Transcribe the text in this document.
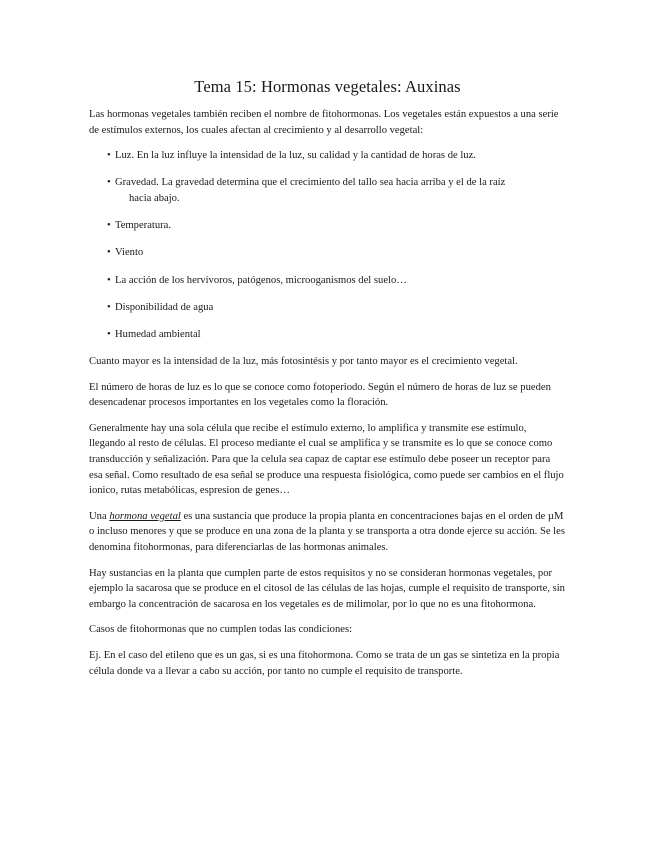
Tema 15: Hormonas vegetales: Auxinas

Las hormonas vegetales también reciben el nombre de fitohormonas. Los vegetales están expuestos a una serie de estímulos externos, los cuales afectan al crecimiento y al desarrollo vegetal:

• Luz. En la luz influye la intensidad de la luz, su calidad y la cantidad de horas de luz.
• Gravedad. La gravedad determina que el crecimiento del tallo sea hacia arriba y el de la raíz
hacia abajo.
• Temperatura.
• Viento
• La acción de los hervívoros, patógenos, microoganismos del suelo…
• Disponibilidad de agua
• Humedad ambiental

Cuanto mayor es la intensidad de la luz, más fotosintésis y por tanto mayor es el crecimiento vegetal.

El número de horas de luz es lo que se conoce como fotoperiodo. Según el número de horas de luz se pueden desencadenar procesos importantes en los vegetales como la floración.

Generalmente hay una sola célula que recibe el estímulo externo, lo amplifica y transmite ese estímulo, llegando al resto de células. El proceso mediante el cual se amplifica y se transmite es lo que se conoce como transducción y señalización. Para que la celula sea capaz de captar ese estímulo debe poseer un receptor para esa señal. Como resultado de esa señal se produce una respuesta fisiológica, como puede ser cambios en el flujo ionico, rutas metabólicas, espresion de genes…

Una hormona vegetal es una sustancia que produce la propia planta en concentraciones bajas en el orden de µM o incluso menores y que se produce en una zona de la planta y se transporta a otra donde ejerce su acción. Se les denomina fitohormonas, para diferenciarlas de las hormonas animales.

Hay sustancias en la planta que cumplen parte de estos requisitos y no se consideran hormonas vegetales, por ejemplo la sacarosa que se produce en el citosol de las células de las hojas, cumple el requisito de transporte, sin embargo la concentración de sacarosa en los vegetales es de milimolar, por lo que no es una fitohormona.

Casos de fitohormonas que no cumplen todas las condiciones:

Ej. En el caso del etileno que es un gas, si es una fitohormona. Como se trata de un gas se sintetiza en la propia célula donde va a llevar a cabo su acción, por tanto no cumple el requisito de transporte.
